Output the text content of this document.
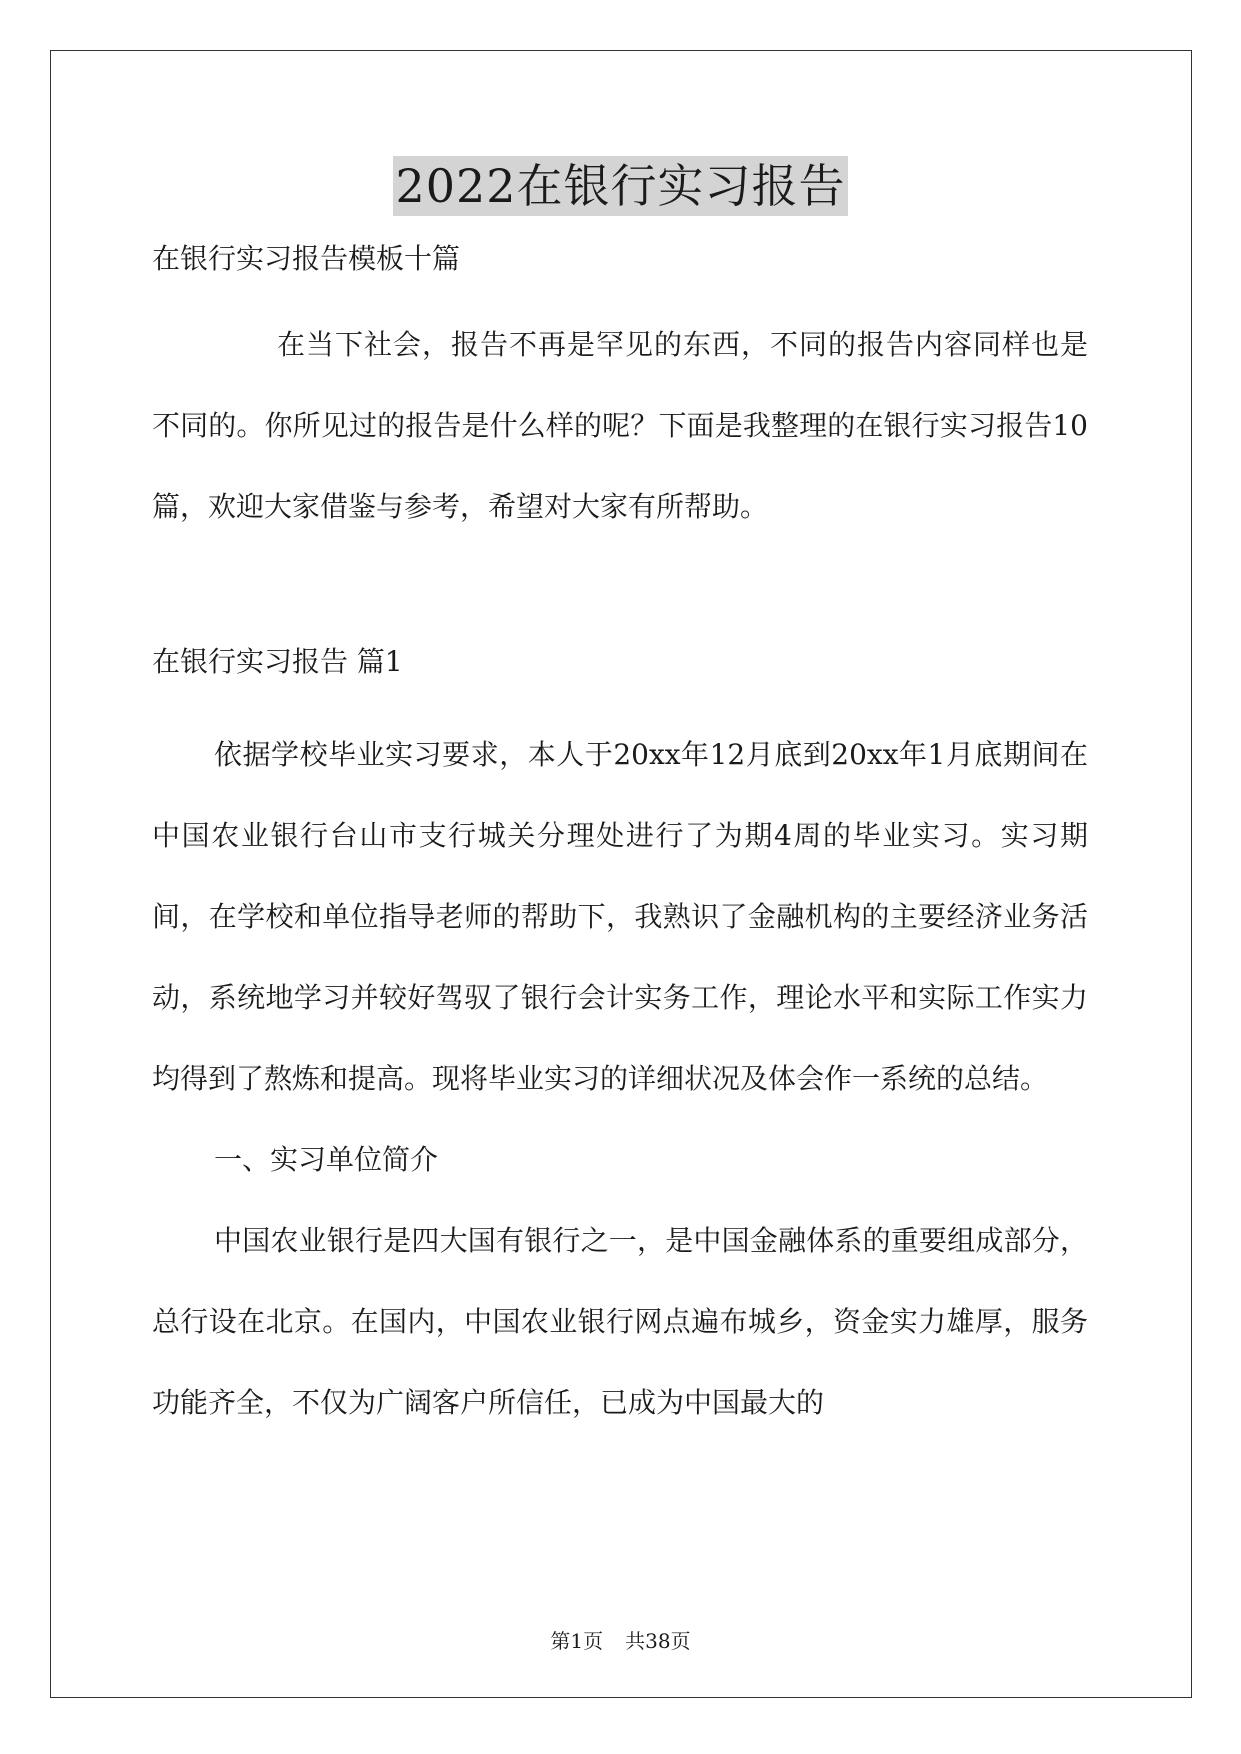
2022在银行实习报告

在银行实习报告模板十篇

在当下社会，报告不再是罕见的东西，不同的报告内容同样也是不同的。你所见过的报告是什么样的呢？下面是我整理的在银行实习报告10篇，欢迎大家借鉴与参考，希望对大家有所帮助。

在银行实习报告 篇1

依据学校毕业实习要求，本人于20xx年12月底到20xx年1月底期间在中国农业银行台山市支行城关分理处进行了为期4周的毕业实习。实习期间，在学校和单位指导老师的帮助下，我熟识了金融机构的主要经济业务活动，系统地学习并较好驾驭了银行会计实务工作，理论水平和实际工作实力均得到了熬炼和提高。现将毕业实习的详细状况及体会作一系统的总结。

一、实习单位简介

中国农业银行是四大国有银行之一，是中国金融体系的重要组成部分，总行设在北京。在国内，中国农业银行网点遍布城乡，资金实力雄厚，服务功能齐全，不仅为广阔客户所信任，已成为中国最大的

第1页 共38页
